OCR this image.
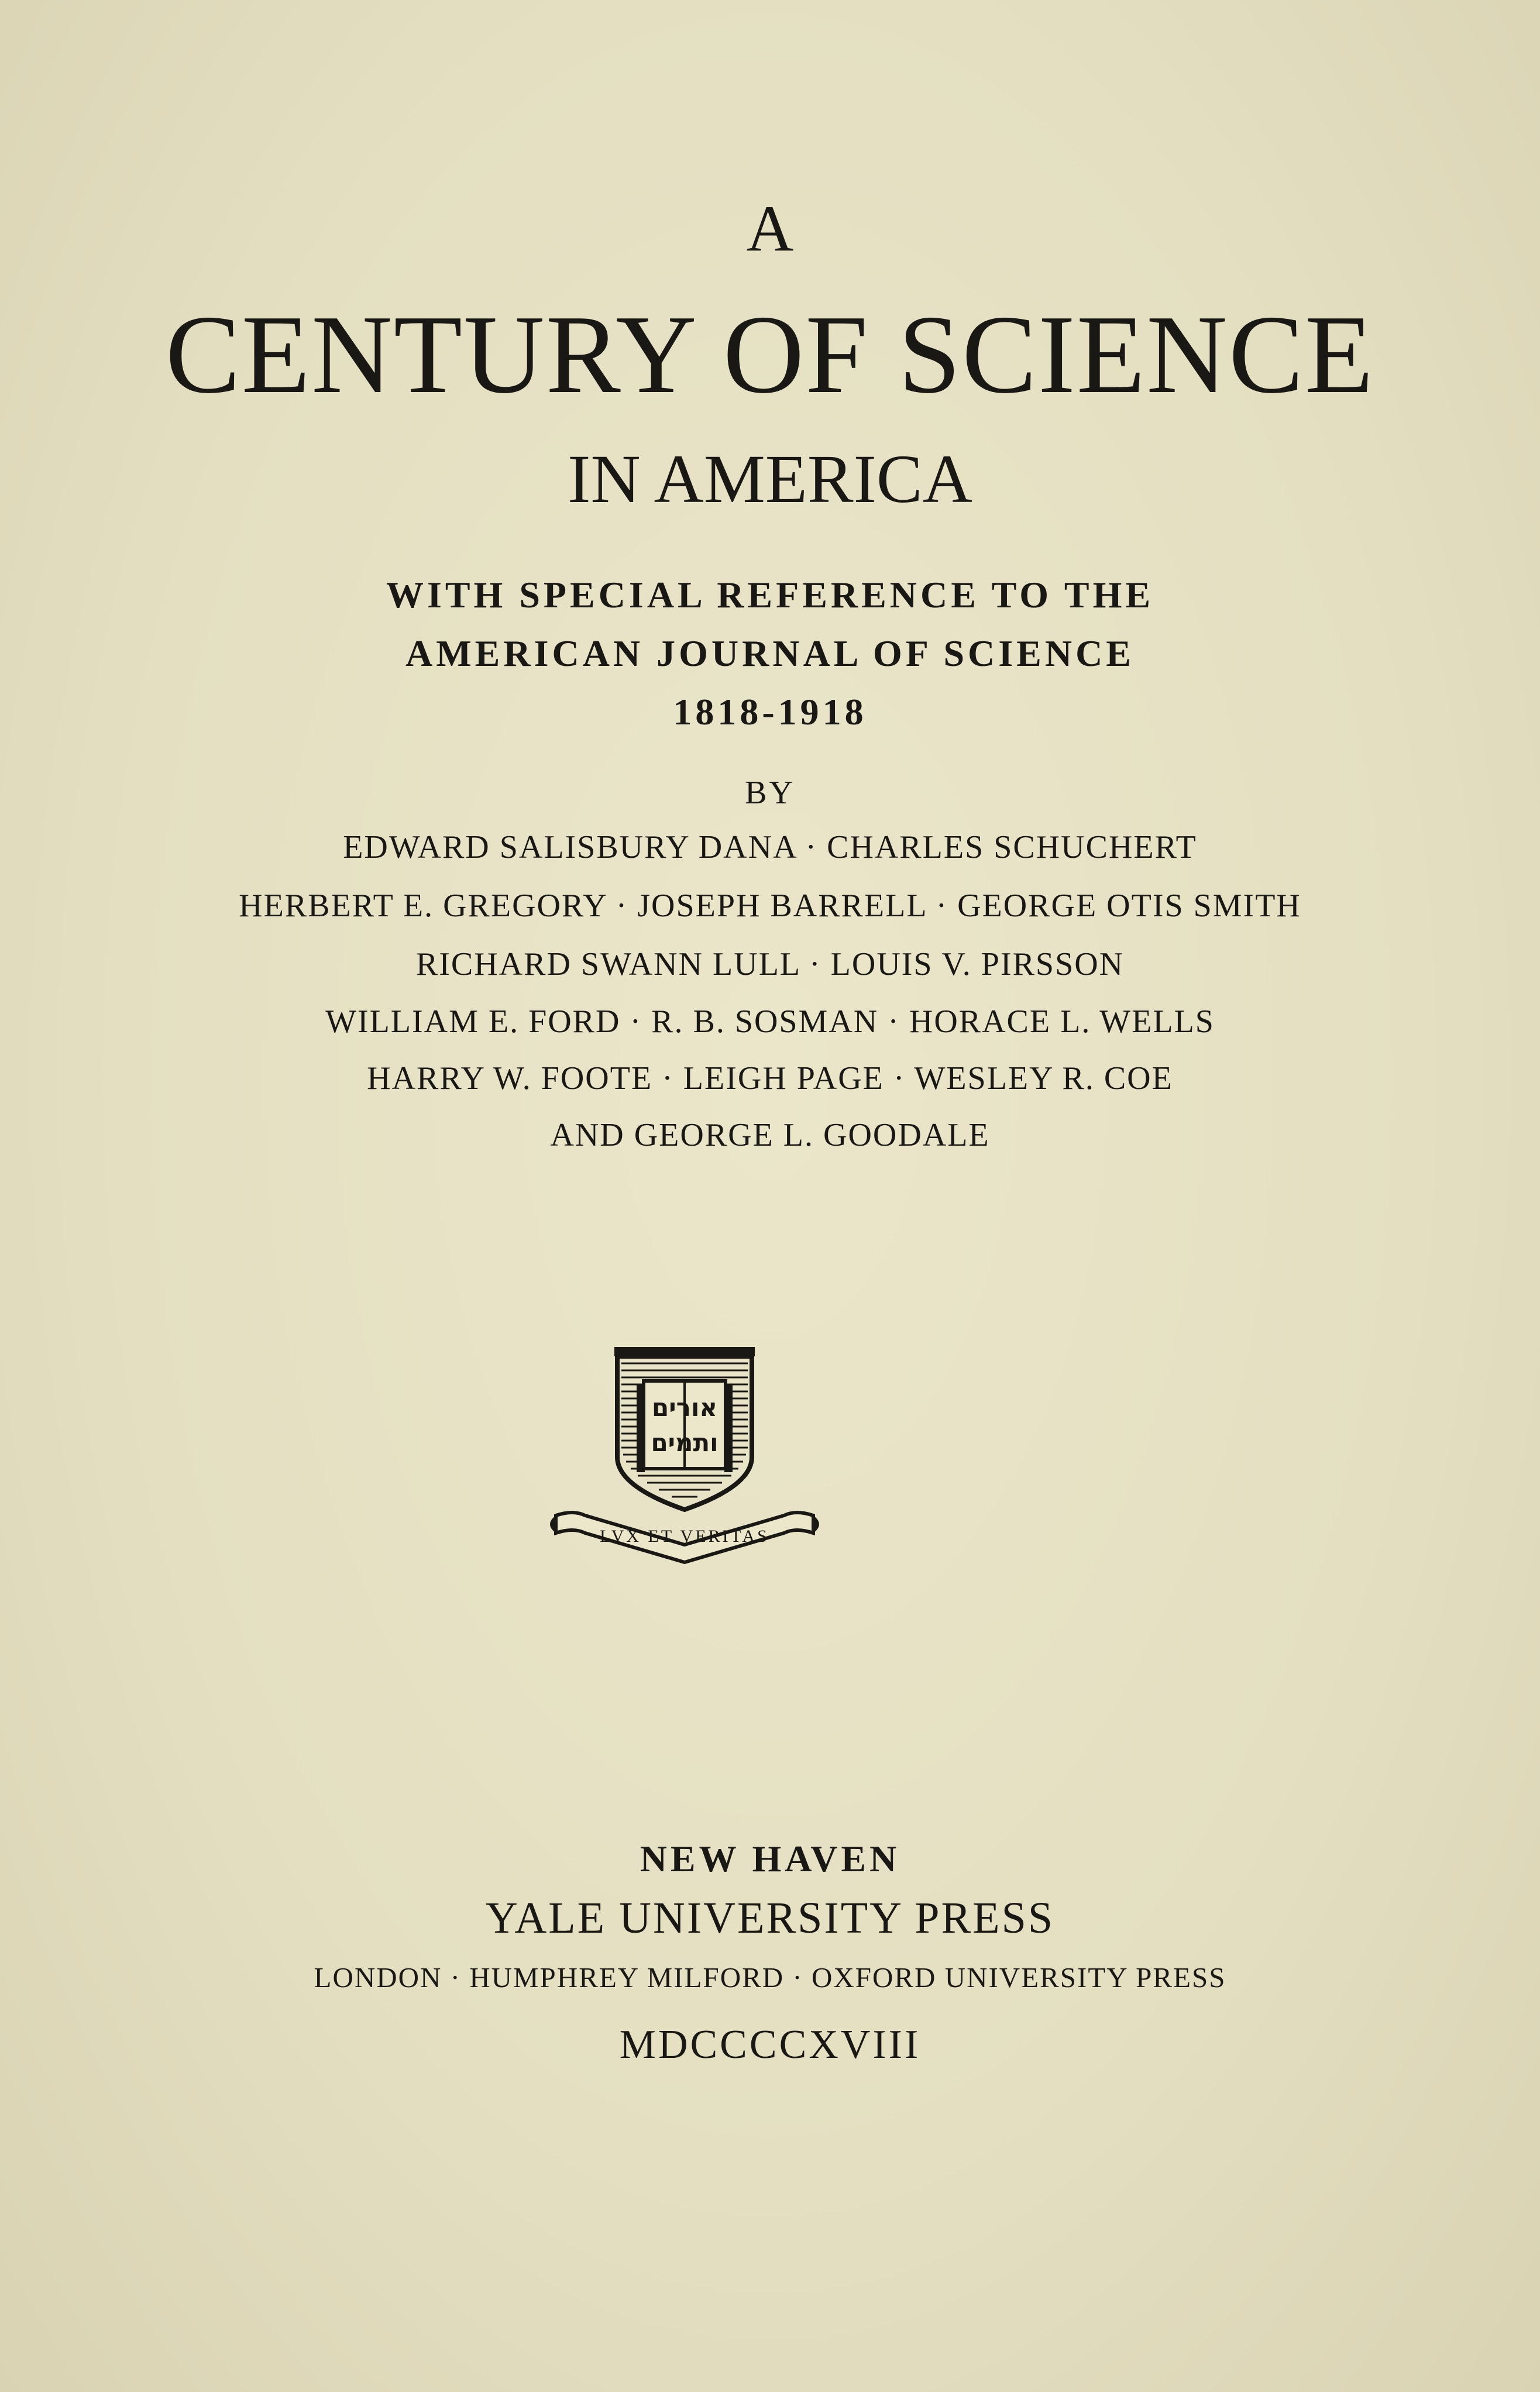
A

CENTURY OF SCIENCE

IN AMERICA

WITH SPECIAL REFERENCE TO THE

AMERICAN JOURNAL OF SCIENCE

1818-1918

BY

EDWARD SALISBURY DANA · CHARLES SCHUCHERT

HERBERT E. GREGORY · JOSEPH BARRELL · GEORGE OTIS SMITH

RICHARD SWANN LULL · LOUIS V. PIRSSON

WILLIAM E. FORD · R. B. SOSMAN · HORACE L. WELLS

HARRY W. FOOTE · LEIGH PAGE · WESLEY R. COE

AND GEORGE L. GOODALE

אורים
ותמים
LVX ET VERITAS

NEW HAVEN

YALE UNIVERSITY PRESS

LONDON · HUMPHREY MILFORD · OXFORD UNIVERSITY PRESS

MDCCCCXVIII
